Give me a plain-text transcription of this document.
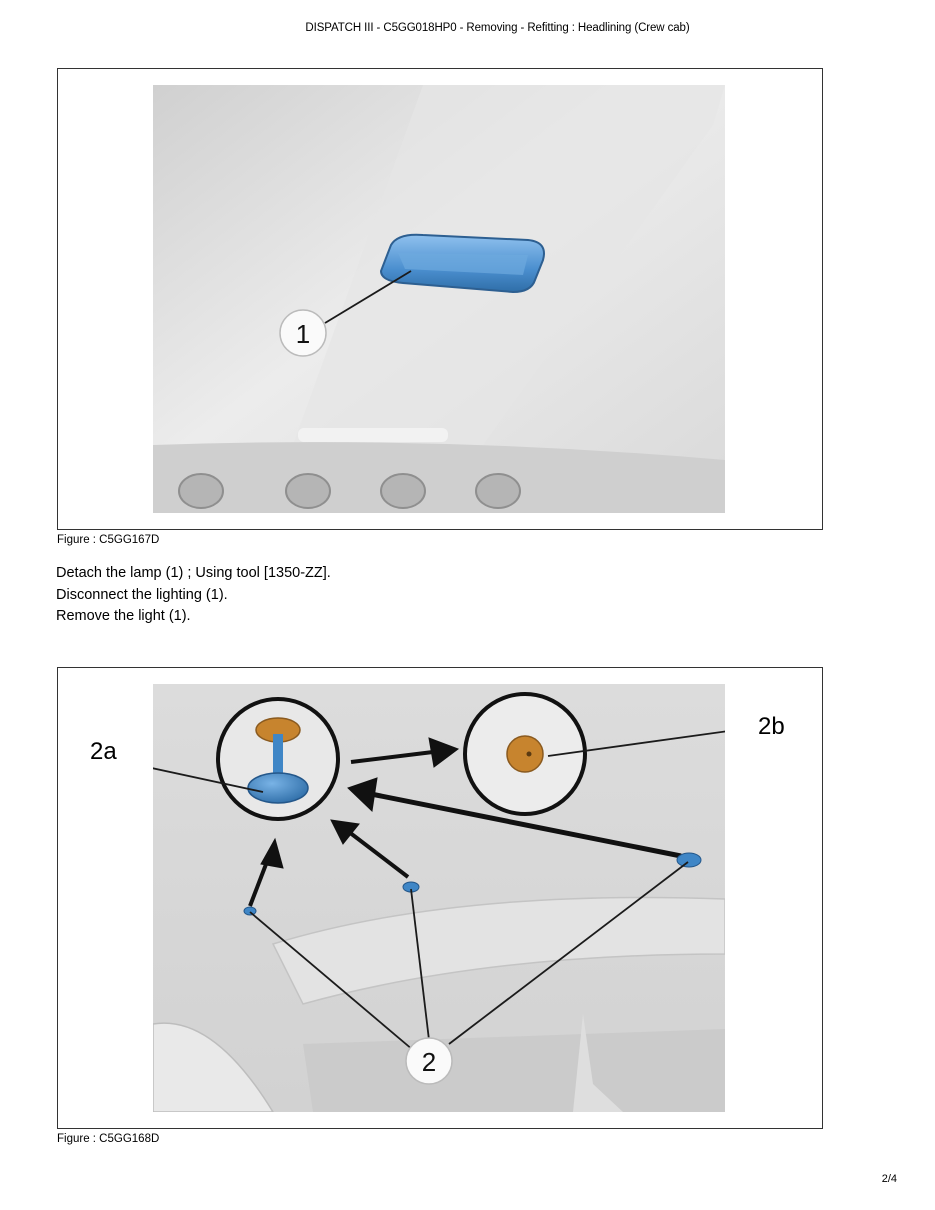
DISPATCH III - C5GG018HP0 - Removing - Refitting : Headlining (Crew cab)
1
Figure : C5GG167D

Detach the lamp (1) ; Using tool [1350-ZZ].

Disconnect the lighting (1).

Remove the light (1).

2
2a
2b
Figure : C5GG168D
2/4
